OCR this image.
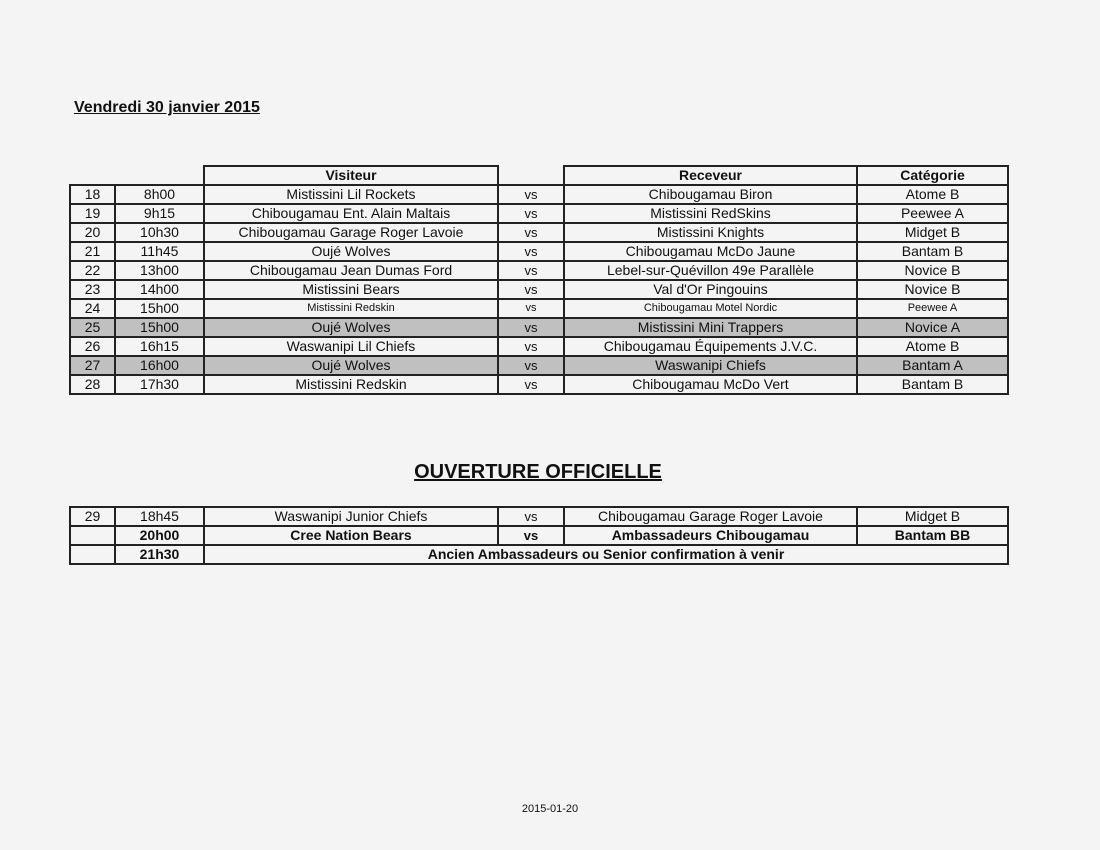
Vendredi 30 janvier 2015
		Visiteur		Receveur	Catégorie
18	8h00	Mistissini Lil Rockets	vs	Chibougamau Biron	Atome B
19	9h15	Chibougamau Ent. Alain Maltais	vs	Mistissini RedSkins	Peewee A
20	10h30	Chibougamau Garage Roger Lavoie	vs	Mistissini Knights	Midget B
21	11h45	Oujé Wolves	vs	Chibougamau McDo Jaune	Bantam B
22	13h00	Chibougamau Jean Dumas Ford	vs	Lebel-sur-Quévillon 49e Parallèle	Novice B
23	14h00	Mistissini Bears	vs	Val d'Or Pingouins	Novice B
24	15h00	Mistissini Redskin	vs	Chibougamau Motel Nordic	Peewee A
25	15h00	Oujé Wolves	vs	Mistissini Mini Trappers	Novice A
26	16h15	Waswanipi Lil Chiefs	vs	Chibougamau Équipements J.V.C.	Atome B
27	16h00	Oujé Wolves	vs	Waswanipi Chiefs	Bantam A
28	17h30	Mistissini Redskin	vs	Chibougamau McDo Vert	Bantam B
OUVERTURE OFFICIELLE
29	18h45	Waswanipi Junior Chiefs	vs	Chibougamau Garage Roger Lavoie	Midget B
	20h00	Cree Nation Bears	vs	Ambassadeurs Chibougamau	Bantam BB
	21h30	Ancien Ambassadeurs ou Senior confirmation à venir			
2015-01-20
